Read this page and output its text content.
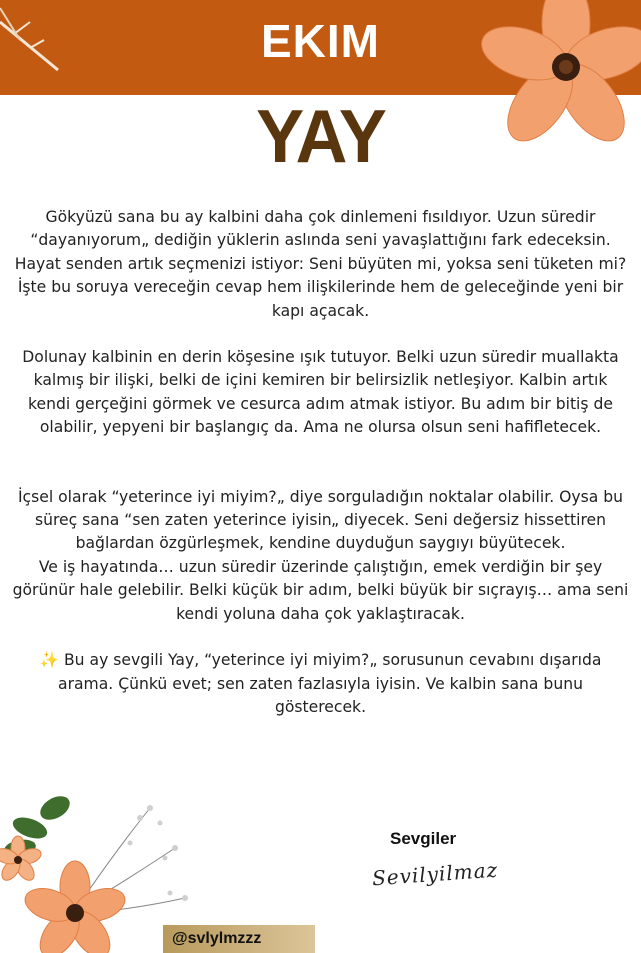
EKIM
YAY

Gökyüzü sana bu ay kalbini daha çok dinlemeni fısıldıyor. Uzun süredir “dayanıyorum„ dediğin yüklerin aslında seni yavaşlattığını fark edeceksin. Hayat senden artık seçmenizi istiyor: Seni büyüten mi, yoksa seni tüketen mi? İşte bu soruya vereceğin cevap hem ilişkilerinde hem de geleceğinde yeni bir kapı açacak.

Dolunay kalbinin en derin köşesine ışık tutuyor. Belki uzun süredir muallakta kalmış bir ilişki, belki de içini kemiren bir belirsizlik netleşiyor. Kalbin artık kendi gerçeğini görmek ve cesurca adım atmak istiyor. Bu adım bir bitiş de olabilir, yepyeni bir başlangıç da. Ama ne olursa olsun seni hafifletecek.

İçsel olarak “yeterince iyi miyim?„ diye sorguladığın noktalar olabilir. Oysa bu süreç sana “sen zaten yeterince iyisin„ diyecek. Seni değersiz hissettiren bağlardan özgürleşmek, kendine duyduğun saygıyı büyütecek.

Ve iş hayatında… uzun süredir üzerinde çalıştığın, emek verdiğin bir şey görünür hale gelebilir. Belki küçük bir adım, belki büyük bir sıçrayış… ama seni kendi yoluna daha çok yaklaştıracak.

✨ Bu ay sevgili Yay, “yeterince iyi miyim?„ sorusunun cevabını dışarıda arama. Çünkü evet; sen zaten fazlasıyla iyisin. Ve kalbin sana bunu gösterecek.

@svlylmzzz
Sevgiler
Sevilyilmaz
